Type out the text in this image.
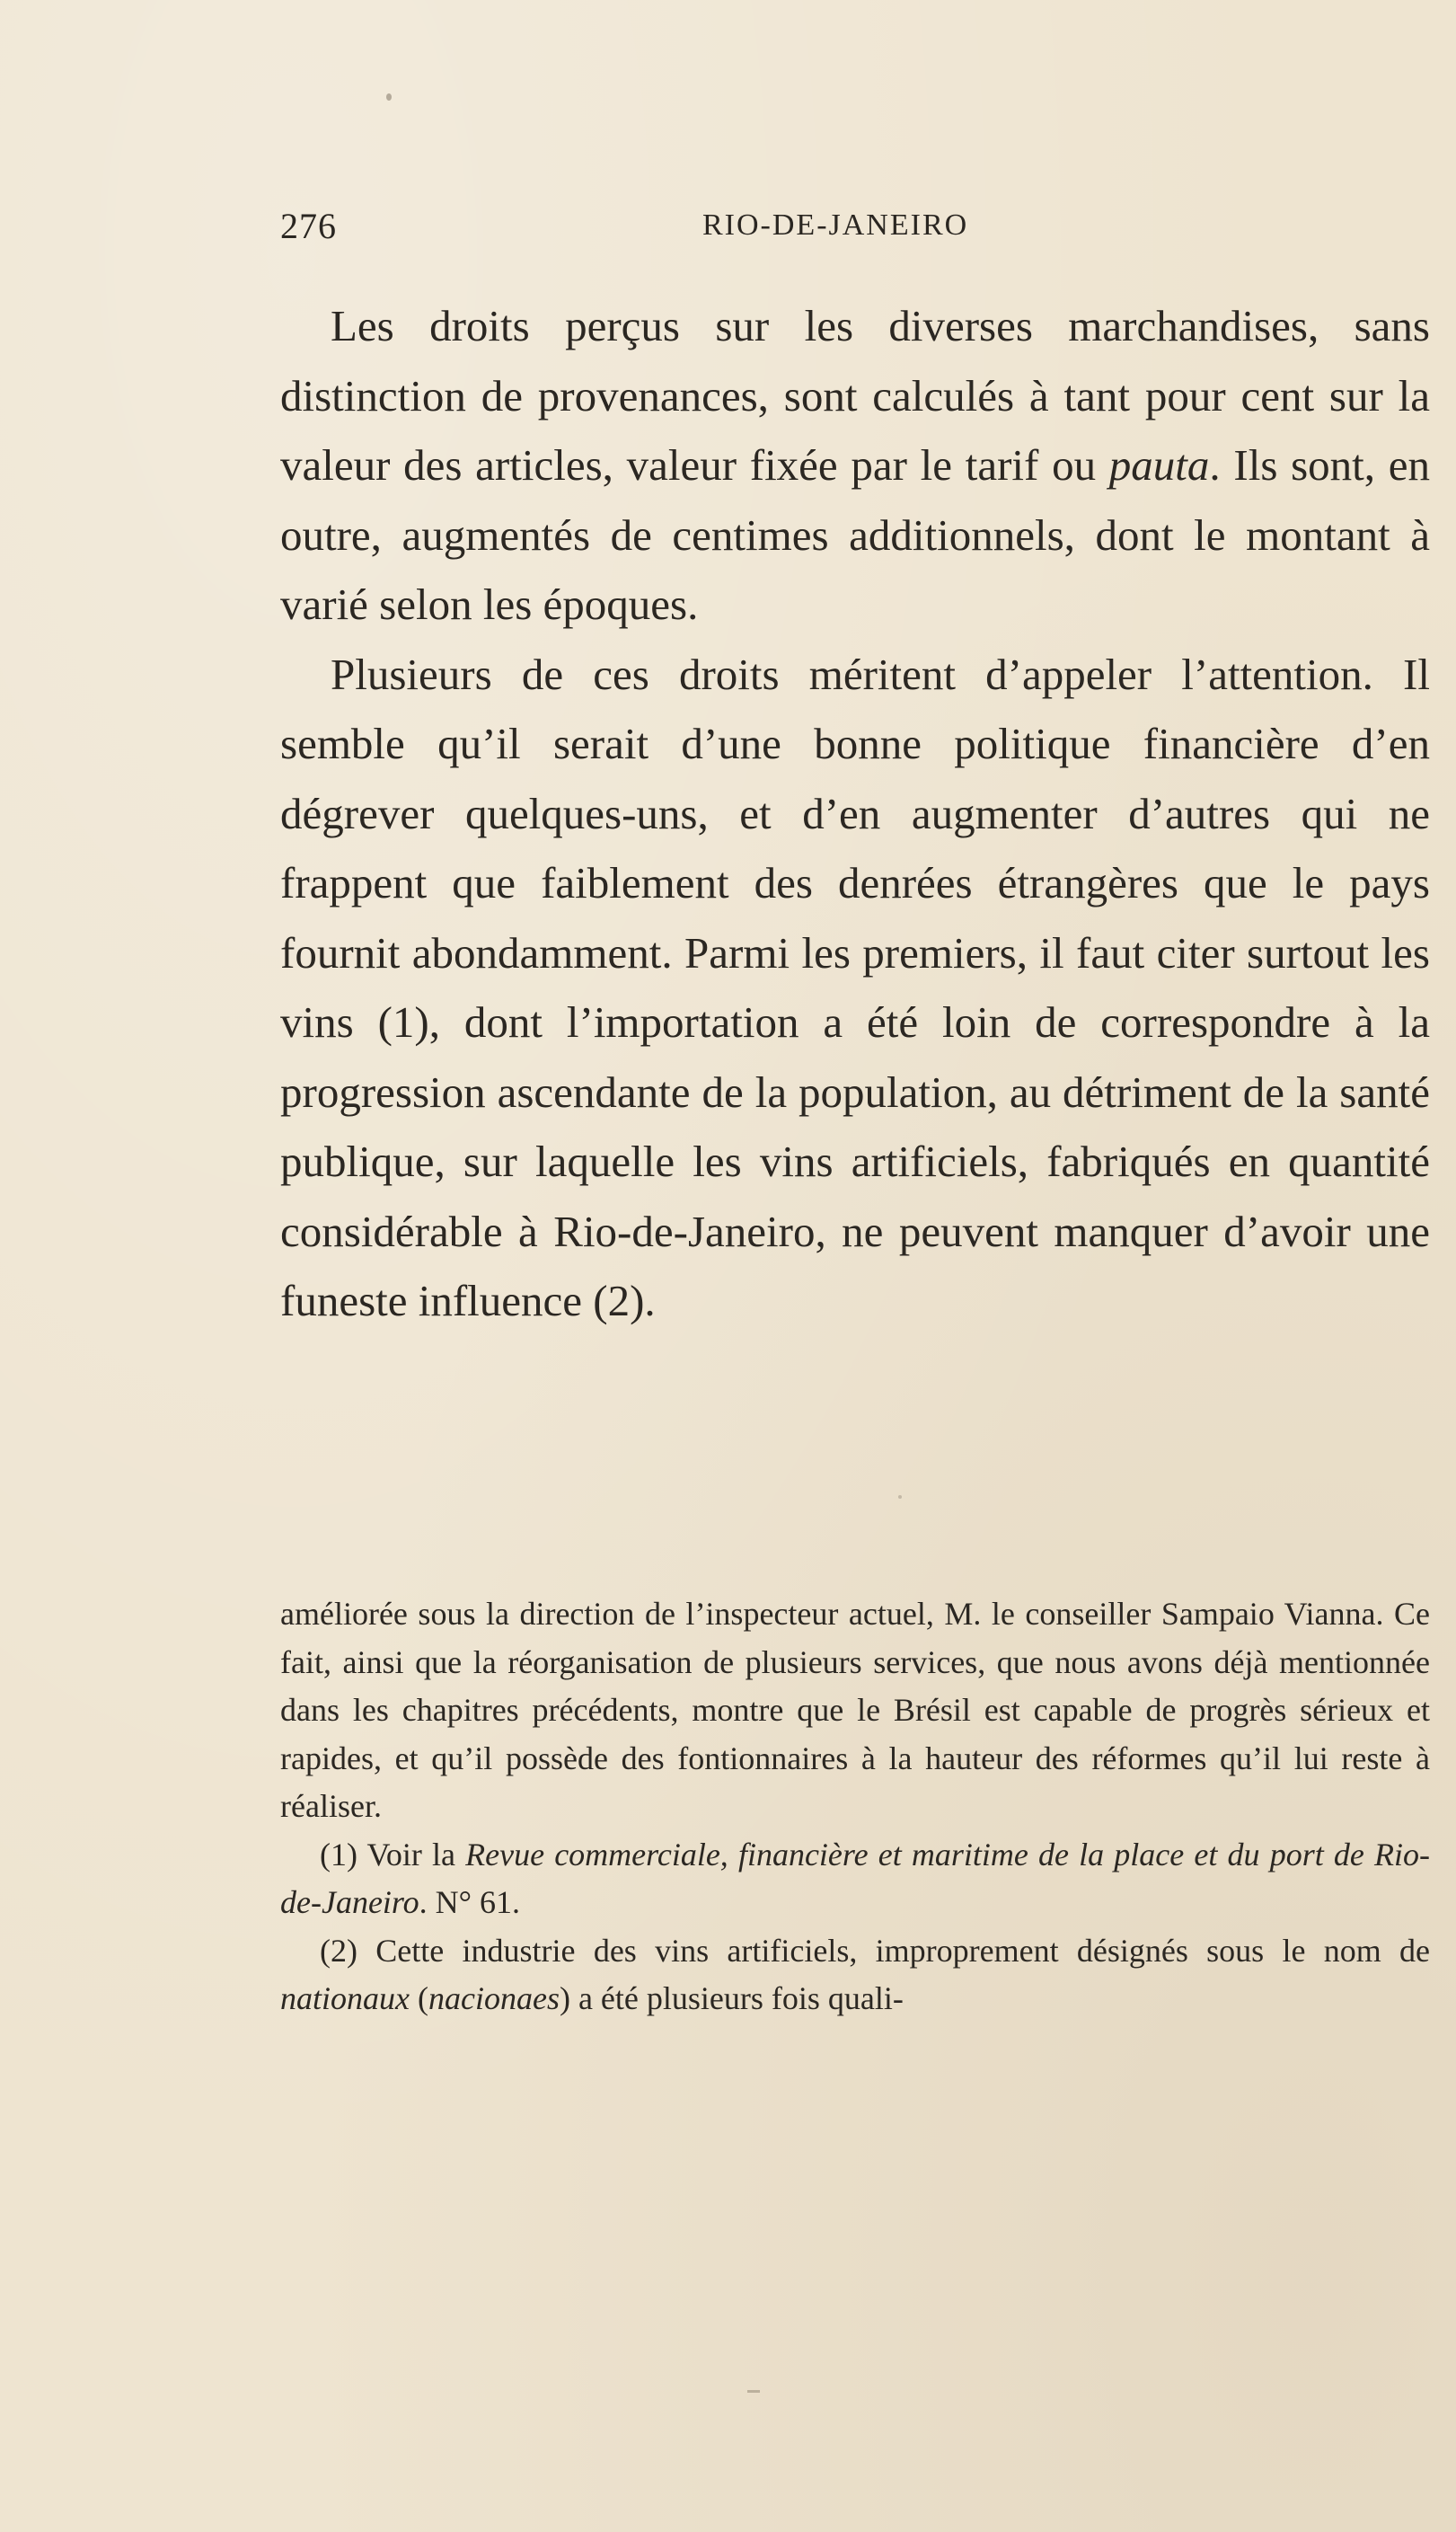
276	RIO-DE-JANEIRO

Les droits perçus sur les diverses marchandises, sans distinction de provenances, sont calculés à tant pour cent sur la valeur des articles, valeur fixée par le tarif ou pauta. Ils sont, en outre, augmentés de centimes additionnels, dont le montant à varié selon les époques.

Plusieurs de ces droits méritent d’appeler l’attention. Il semble qu’il serait d’une bonne politique financière d’en dégrever quelques-uns, et d’en augmenter d’autres qui ne frappent que faiblement des denrées étrangères que le pays fournit abondamment. Parmi les premiers, il faut citer surtout les vins (1), dont l’importation a été loin de correspondre à la progression ascendante de la population, au détriment de la santé publique, sur laquelle les vins artificiels, fabriqués en quantité considérable à Rio-de-Janeiro, ne peuvent manquer d’avoir une funeste influence (2).

améliorée sous la direction de l’inspecteur actuel, M. le conseiller Sampaio Vianna. Ce fait, ainsi que la réorganisation de plusieurs services, que nous avons déjà mentionnée dans les chapitres précédents, montre que le Brésil est capable de progrès sérieux et rapides, et qu’il possède des fontionnaires à la hauteur des réformes qu’il lui reste à réaliser.

(1) Voir la Revue commerciale, financière et maritime de la place et du port de Rio-de-Janeiro. N° 61.

(2) Cette industrie des vins artificiels, improprement désignés sous le nom de nationaux (nacionaes) a été plusieurs fois quali-
